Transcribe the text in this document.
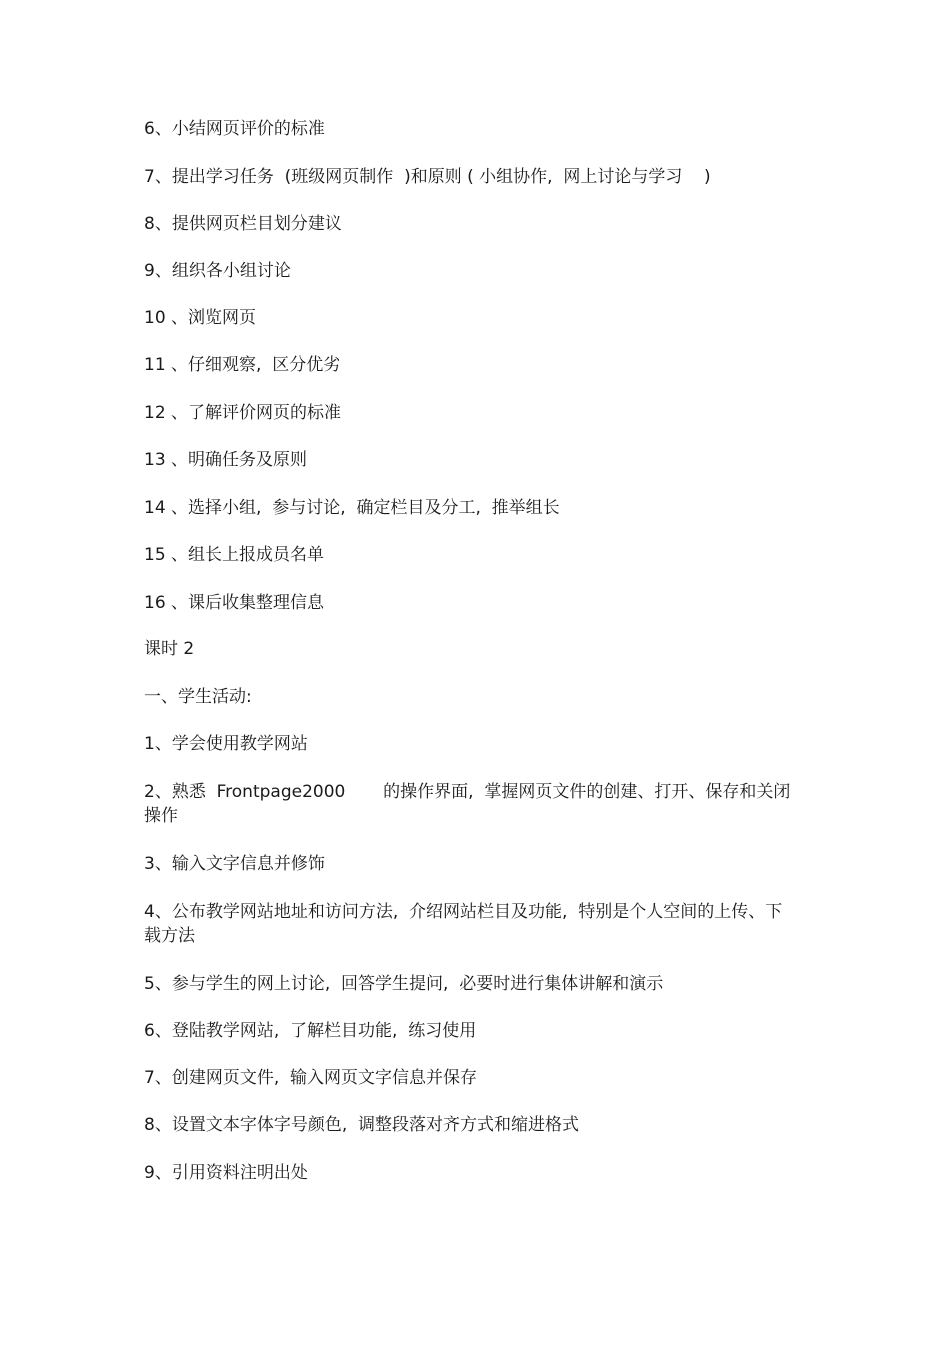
6、小结网页评价的标准
7、提出学习任务  (班级网页制作  )和原则 ( 小组协作,  网上讨论与学习    )
8、提供网页栏目划分建议
9、组织各小组讨论
10 、浏览网页
11 、仔细观察,  区分优劣
12 、了解评价网页的标准
13 、明确任务及原则
14 、选择小组,  参与讨论,  确定栏目及分工,  推举组长
15 、组长上报成员名单
16 、课后收集整理信息
课时 2
一、学生活动:
1、学会使用教学网站
2、熟悉  Frontpage2000       的操作界面,  掌握网页文件的创建、打开、保存和关闭操作
3、输入文字信息并修饰
4、公布教学网站地址和访问方法,  介绍网站栏目及功能,  特别是个人空间的上传、下载方法
5、参与学生的网上讨论,  回答学生提问,  必要时进行集体讲解和演示
6、登陆教学网站,  了解栏目功能,  练习使用
7、创建网页文件,  输入网页文字信息并保存
8、设置文本字体字号颜色,  调整段落对齐方式和缩进格式
9、引用资料注明出处
